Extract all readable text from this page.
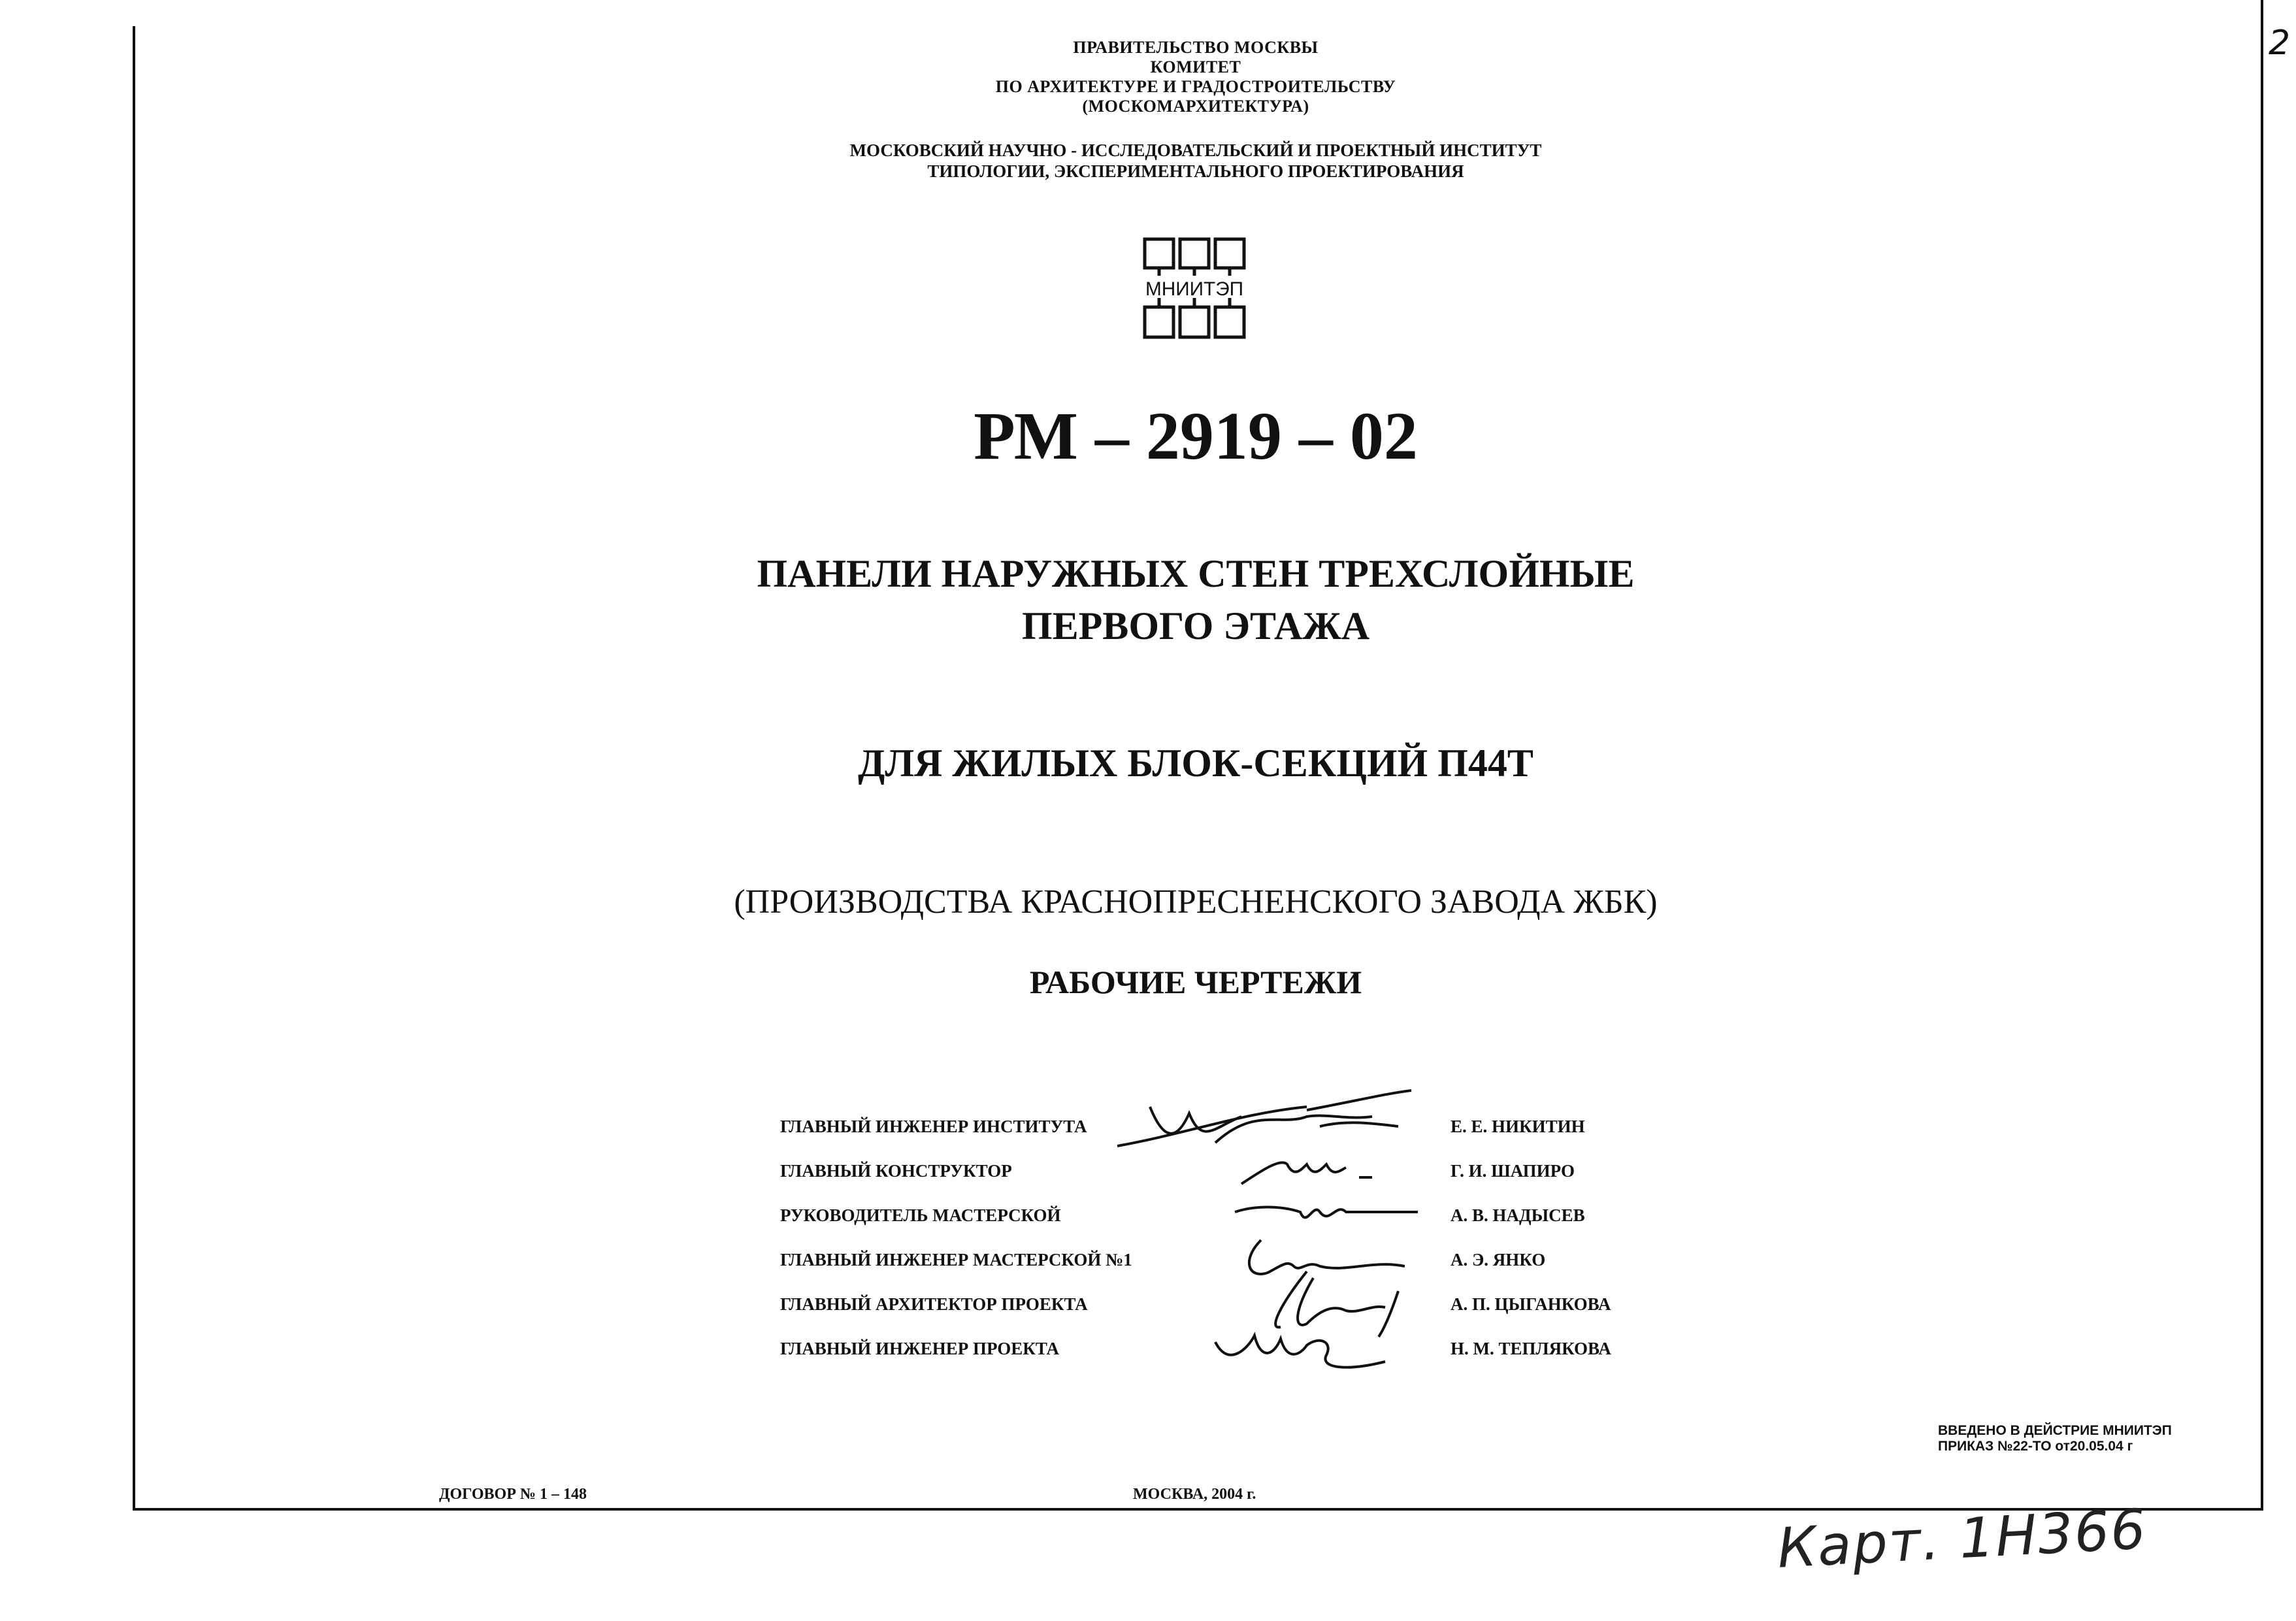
ПРАВИТЕЛЬСТВО МОСКВЫ
КОМИТЕТ
ПО АРХИТЕКТУРЕ И ГРАДОСТРОИТЕЛЬСТВУ
(МОСКОМАРХИТЕКТУРА)
МОСКОВСКИЙ НАУЧНО - ИССЛЕДОВАТЕЛЬСКИЙ И ПРОЕКТНЫЙ ИНСТИТУТ
ТИПОЛОГИИ, ЭКСПЕРИМЕНТАЛЬНОГО ПРОЕКТИРОВАНИЯ
МНИИТЭП
РМ – 2919 – 02
ПАНЕЛИ НАРУЖНЫХ СТЕН ТРЕХСЛОЙНЫЕ
ПЕРВОГО ЭТАЖА
ДЛЯ ЖИЛЫХ БЛОК-СЕКЦИЙ П44Т
(ПРОИЗВОДСТВА КРАСНОПРЕСНЕНСКОГО ЗАВОДА ЖБК)
РАБОЧИЕ ЧЕРТЕЖИ
ГЛАВНЫЙ ИНЖЕНЕР ИНСТИТУТА	Е. Е. НИКИТИН
ГЛАВНЫЙ КОНСТРУКТОР	Г. И. ШАПИРО
РУКОВОДИТЕЛЬ МАСТЕРСКОЙ	А. В. НАДЫСЕВ
ГЛАВНЫЙ ИНЖЕНЕР МАСТЕРСКОЙ №1	А. Э. ЯНКО
ГЛАВНЫЙ АРХИТЕКТОР ПРОЕКТА	А. П. ЦЫГАНКОВА
ГЛАВНЫЙ ИНЖЕНЕР ПРОЕКТА	Н. М. ТЕПЛЯКОВА
ВВЕДЕНО В ДЕЙСТРИЕ МНИИТЭП
ПРИКАЗ №22-ТО от20.05.04 г
ДОГОВОР № 1 – 148	МОСКВА, 2004 г.
2
Карт. 1Н366
